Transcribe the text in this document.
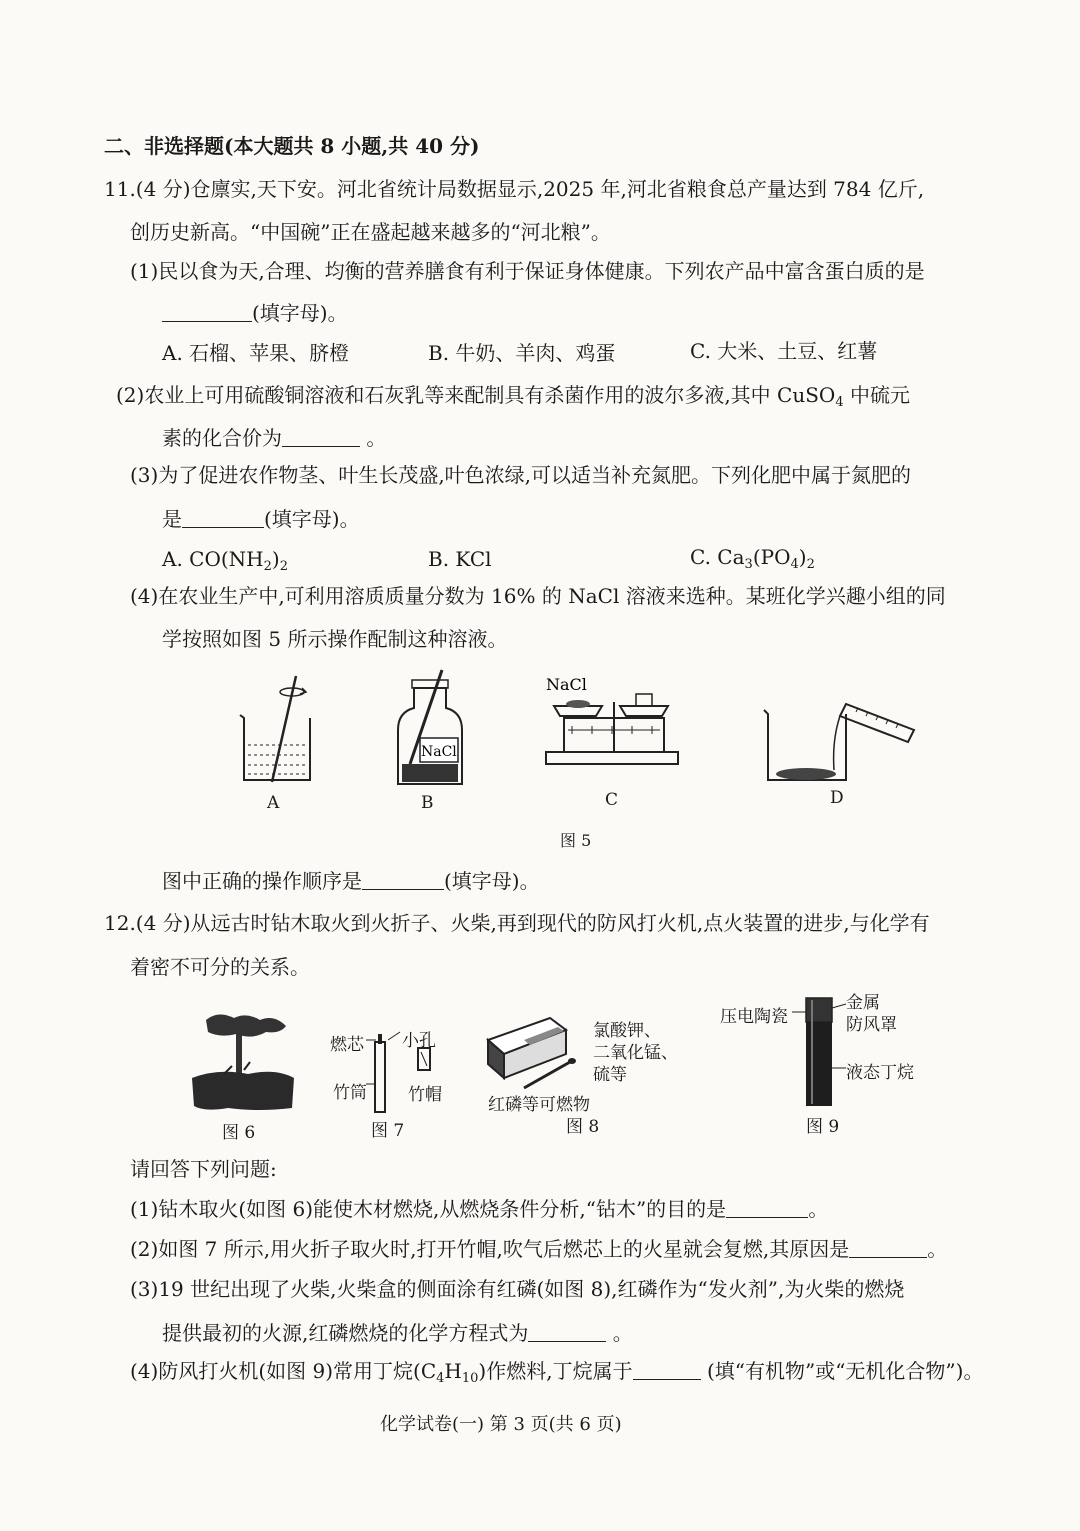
二、非选择题(本大题共 8 小题,共 40 分)
11.(4 分)仓廪实,天下安。河北省统计局数据显示,2025 年,河北省粮食总产量达到 784 亿斤,
创历史新高。“中国碗”正在盛起越来越多的“河北粮”。
(1)民以食为天,合理、均衡的营养膳食有利于保证身体健康。下列农产品中富含蛋白质的是
(填字母)。
A. 石榴、苹果、脐橙	B. 牛奶、羊肉、鸡蛋	C. 大米、土豆、红薯
(2)农业上可用硫酸铜溶液和石灰乳等来配制具有杀菌作用的波尔多液,其中 CuSO$_4$ 中硫元
素的化合价为	。
(3)为了促进农作物茎、叶生长茂盛,叶色浓绿,可以适当补充氮肥。下列化肥中属于氮肥的
是	(填字母)。
A. $CO(NH_2)_2$	B. KCl	C. $Ca_3(PO_4)_2$
(4)在农业生产中,可利用溶质质量分数为 16% 的 NaCl 溶液来选种。某班化学兴趣小组的同
学按照如图 5 所示操作配制这种溶液。
A
NaCl
B
NaCl
C	D
图 5
图中正确的操作顺序是	(填字母)。
12.(4 分)从远古时钻木取火到火折子、火柴,再到现代的防风打火机,点火装置的进步,与化学有
着密不可分的关系。
图 6
燃芯 小孔
竹筒 竹帽
图 7
氯酸钾、
二氧化锰、
硫等
红磷等可燃物
图 8
压电陶瓷
金属
防风罩
液态丁烷
图 9
请回答下列问题:
(1)钻木取火(如图 6)能使木材燃烧,从燃烧条件分析,“钻木”的目的是	。
(2)如图 7 所示,用火折子取火时,打开竹帽,吹气后燃芯上的火星就会复燃,其原因是	。
(3)19 世纪出现了火柴,火柴盒的侧面涂有红磷(如图 8),红磷作为“发火剂”,为火柴的燃烧
提供最初的火源,红磷燃烧的化学方程式为	。
(4)防风打火机(如图 9)常用丁烷$(C_4H_{10})$作燃料,丁烷属于	(填“有机物”或“无机化合物”)。
化学试卷(一) 第 3 页(共 6 页)
